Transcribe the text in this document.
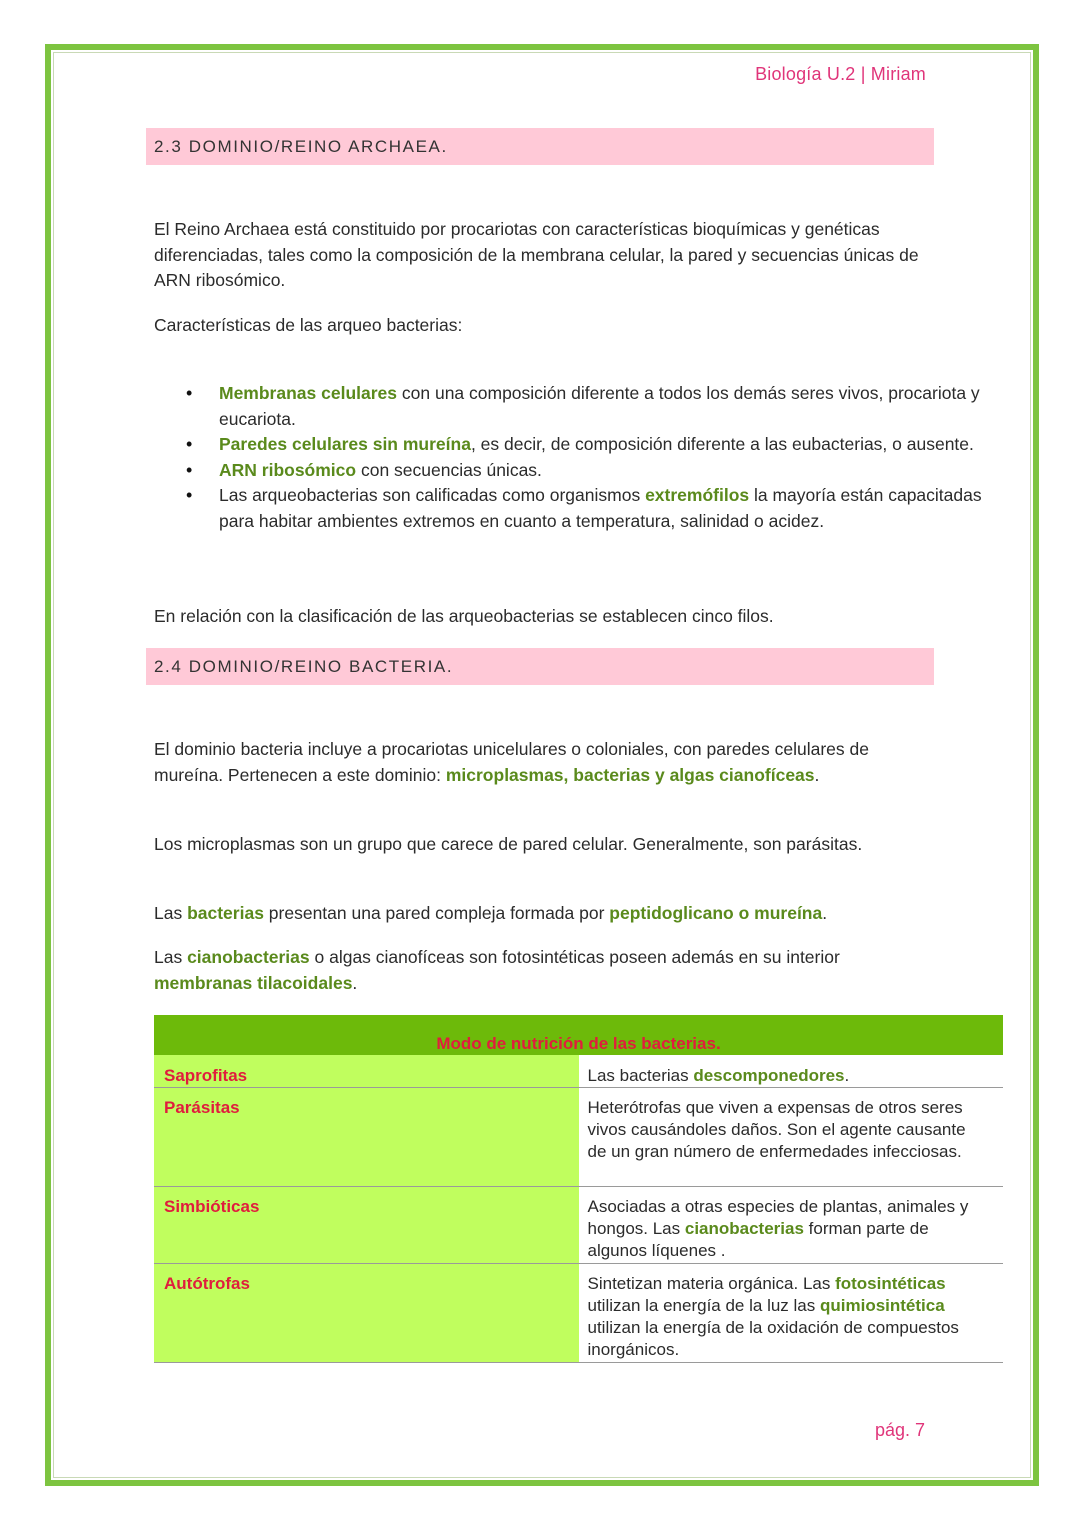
Biología U.2 | Miriam
2.3 DOMINIO/REINO ARCHAEA.

El Reino Archaea está constituido por procariotas con características bioquímicas y genéticas diferenciadas, tales como la composición de la membrana celular, la pared y secuencias únicas de ARN ribosómico.

Características de las arqueo bacterias:

• Membranas celulares con una composición diferente a todos los demás seres vivos, procariota y eucariota.
• Paredes celulares sin mureína, es decir, de composición diferente a las eubacterias, o ausente.
• ARN ribosómico con secuencias únicas.
• Las arqueobacterias son calificadas como organismos extremófilos la mayoría están capacitadas para habitar ambientes extremos en cuanto a temperatura, salinidad o acidez.

En relación con la clasificación de las arqueobacterias se establecen cinco filos.

2.4 DOMINIO/REINO BACTERIA.

El dominio bacteria incluye a procariotas unicelulares o coloniales, con paredes celulares de mureína. Pertenecen a este dominio: microplasmas, bacterias y algas cianofíceas.

Los microplasmas son un grupo que carece de pared celular. Generalmente, son parásitas.

Las bacterias presentan una pared compleja formada por peptidoglicano o mureína.

Las cianobacterias o algas cianofíceas son fotosintéticas poseen además en su interior membranas tilacoidales.

Modo de nutrición de las bacterias.	
Saprofitas	Las bacterias descomponedores.
Parásitas	Heterótrofas que viven a expensas de otros seres vivos causándoles daños. Son el agente causante de un gran número de enfermedades infecciosas.
Simbióticas	Asociadas a otras especies de plantas, animales y hongos. Las cianobacterias forman parte de algunos líquenes .
Autótrofas	Sintetizan materia orgánica. Las fotosintéticas utilizan la energía de la luz las quimiosintética utilizan la energía de la oxidación de compuestos inorgánicos.
pág. 7
